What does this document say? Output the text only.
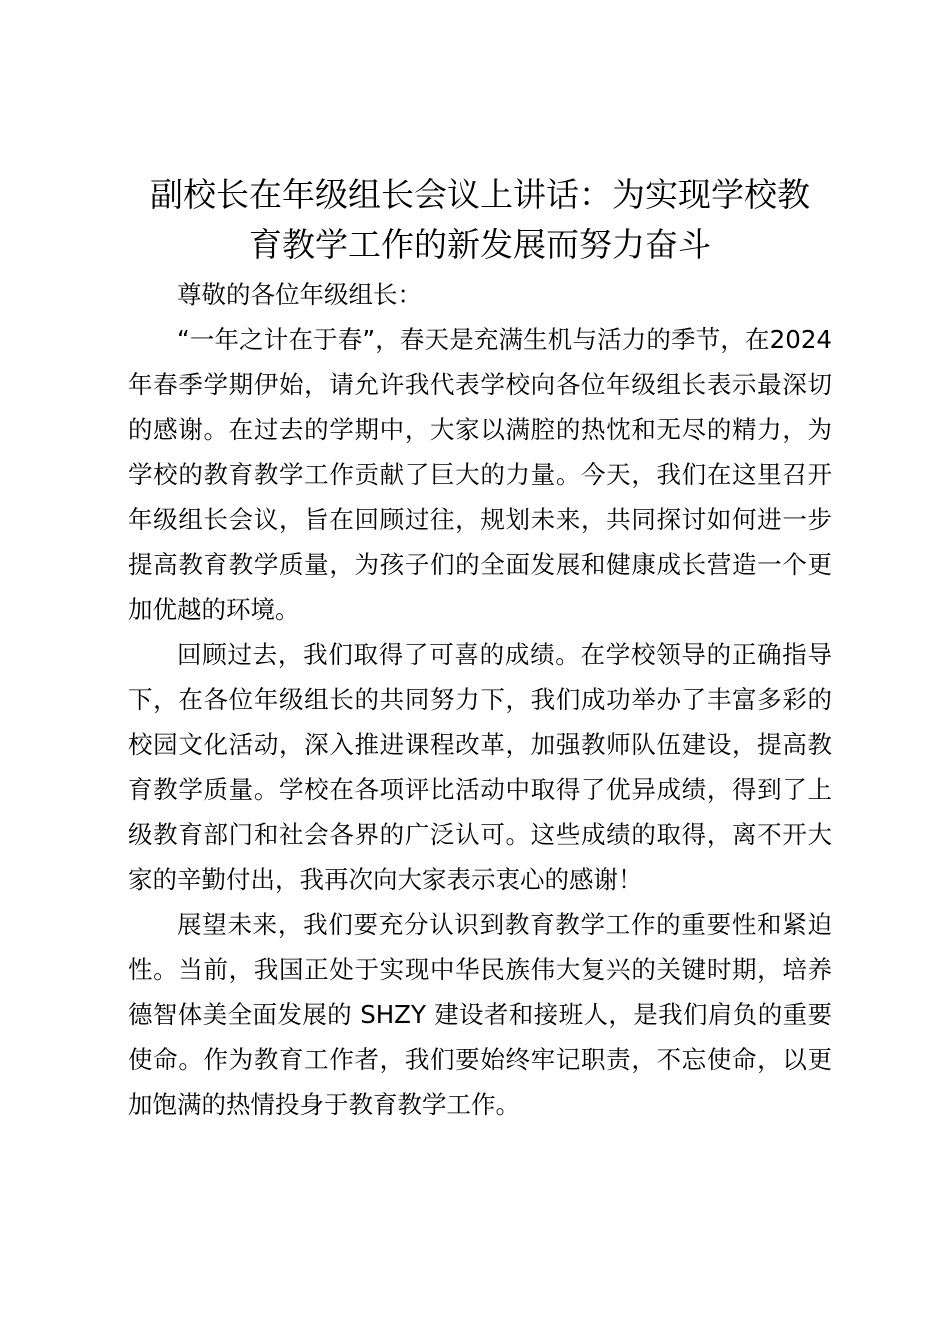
副校长在年级组长会议上讲话：为实现学校教
育教学工作的新发展而努力奋斗

尊敬的各位年级组长：

“一年之计在于春”，春天是充满生机与活力的季节，在2024年春季学期伊始，请允许我代表学校向各位年级组长表示最深切的感谢。在过去的学期中，大家以满腔的热忱和无尽的精力，为学校的教育教学工作贡献了巨大的力量。今天，我们在这里召开年级组长会议，旨在回顾过往，规划未来，共同探讨如何进一步提高教育教学质量，为孩子们的全面发展和健康成长营造一个更加优越的环境。

回顾过去，我们取得了可喜的成绩。在学校领导的正确指导下，在各位年级组长的共同努力下，我们成功举办了丰富多彩的校园文化活动，深入推进课程改革，加强教师队伍建设，提高教育教学质量。学校在各项评比活动中取得了优异成绩，得到了上级教育部门和社会各界的广泛认可。这些成绩的取得，离不开大家的辛勤付出，我再次向大家表示衷心的感谢！

展望未来，我们要充分认识到教育教学工作的重要性和紧迫性。当前，我国正处于实现中华民族伟大复兴的关键时期，培养德智体美全面发展的 SHZY 建设者和接班人，是我们肩负的重要使命。作为教育工作者，我们要始终牢记职责，不忘使命，以更加饱满的热情投身于教育教学工作。
